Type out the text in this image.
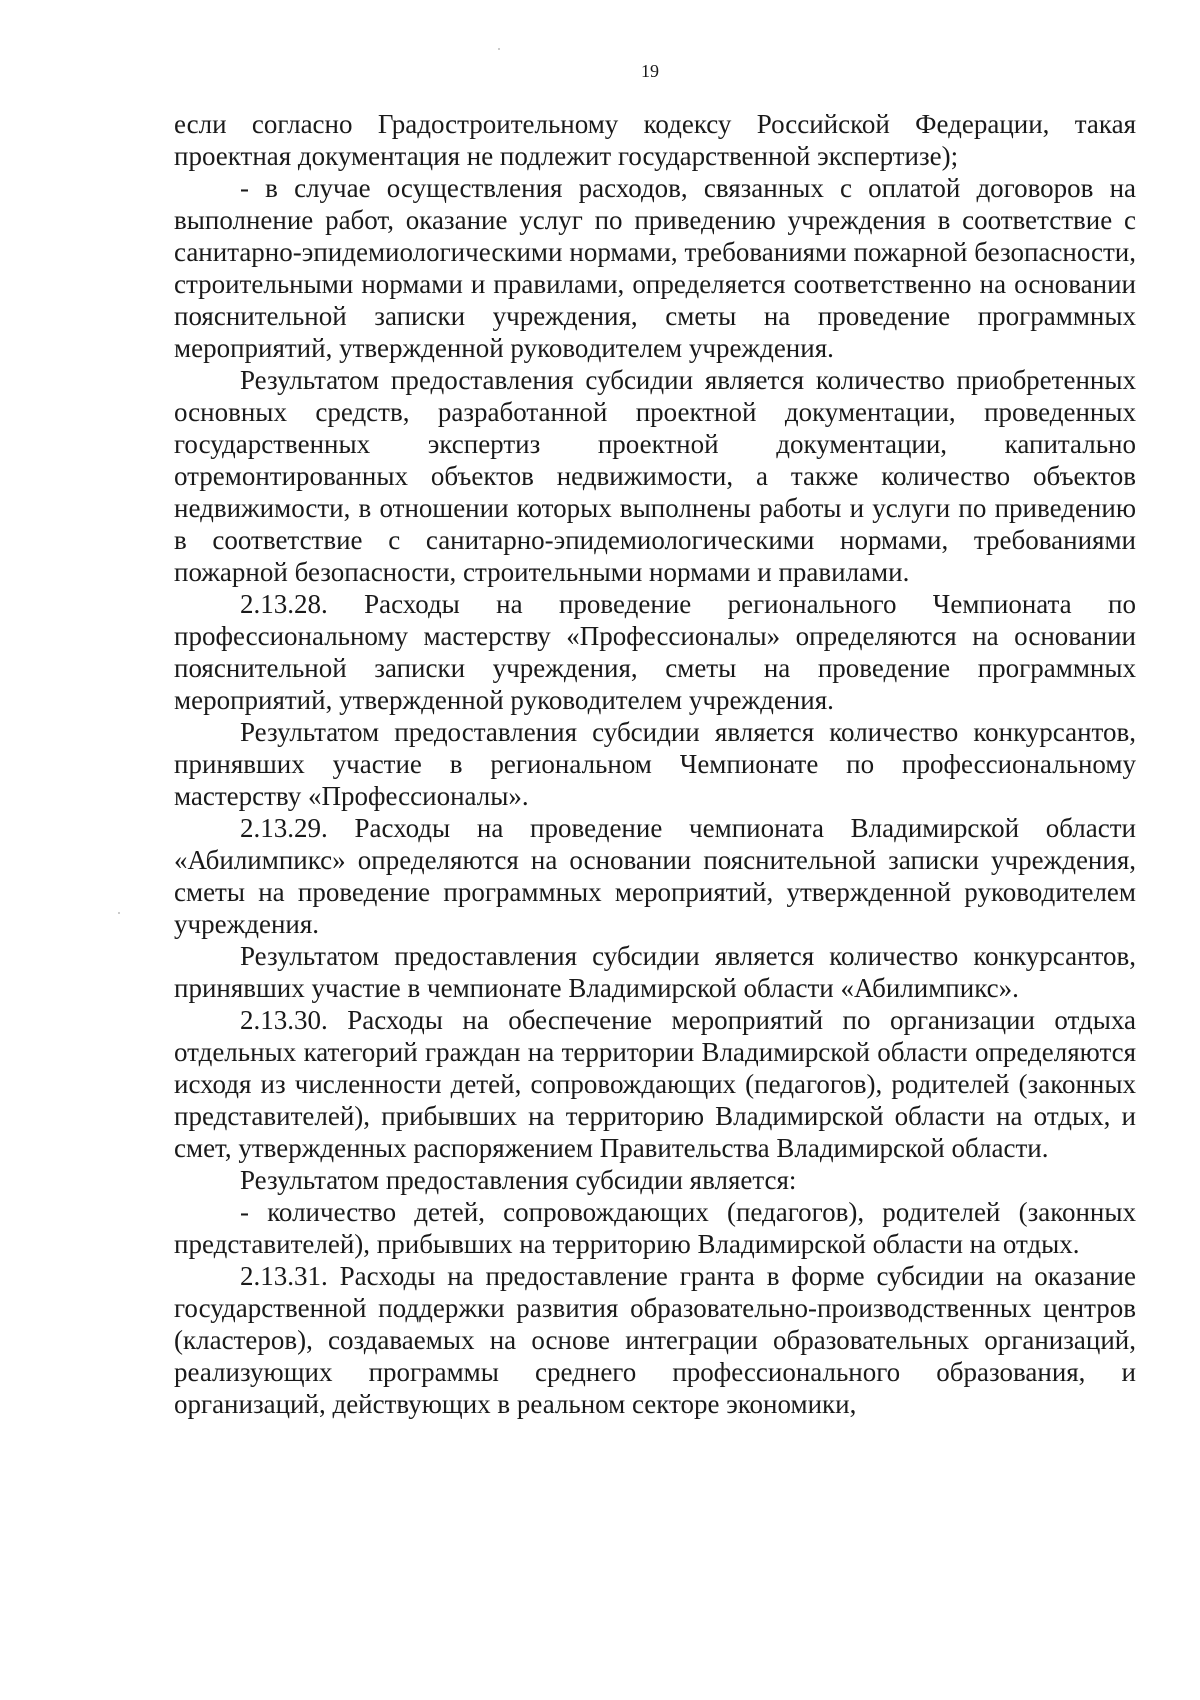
19

если согласно Градостроительному кодексу Российской Федерации, такая проектная документация не подлежит государственной экспертизе);

- в случае осуществления расходов, связанных с оплатой договоров на выполнение работ, оказание услуг по приведению учреждения в соответствие с санитарно-эпидемиологическими нормами, требованиями пожарной безопасности, строительными нормами и правилами, определяется соответственно на основании пояснительной записки учреждения, сметы на проведение программных мероприятий, утвержденной руководителем учреждения.

Результатом предоставления субсидии является количество приобретенных основных средств, разработанной проектной документации, проведенных государственных экспертиз проектной документации, капитально отремонтированных объектов недвижимости, а также количество объектов недвижимости, в отношении которых выполнены работы и услуги по приведению в соответствие с санитарно-эпидемиологическими нормами, требованиями пожарной безопасности, строительными нормами и правилами.

2.13.28. Расходы на проведение регионального Чемпионата по профессиональному мастерству «Профессионалы» определяются на основании пояснительной записки учреждения, сметы на проведение программных мероприятий, утвержденной руководителем учреждения.

Результатом предоставления субсидии является количество конкурсантов, принявших участие в региональном Чемпионате по профессиональному мастерству «Профессионалы».

2.13.29. Расходы на проведение чемпионата Владимирской области «Абилимпикс» определяются на основании пояснительной записки учреждения, сметы на проведение программных мероприятий, утвержденной руководителем учреждения.

Результатом предоставления субсидии является количество конкурсантов, принявших участие в чемпионате Владимирской области «Абилимпикс».

2.13.30. Расходы на обеспечение мероприятий по организации отдыха отдельных категорий граждан на территории Владимирской области определяются исходя из численности детей, сопровождающих (педагогов), родителей (законных представителей), прибывших на территорию Владимирской области на отдых, и смет, утвержденных распоряжением Правительства Владимирской области.

Результатом предоставления субсидии является:

- количество детей, сопровождающих (педагогов), родителей (законных представителей), прибывших на территорию Владимирской области на отдых.

2.13.31. Расходы на предоставление гранта в форме субсидии на оказание государственной поддержки развития образовательно-производственных центров (кластеров), создаваемых на основе интеграции образовательных организаций, реализующих программы среднего профессионального образования, и организаций, действующих в реальном секторе экономики,
